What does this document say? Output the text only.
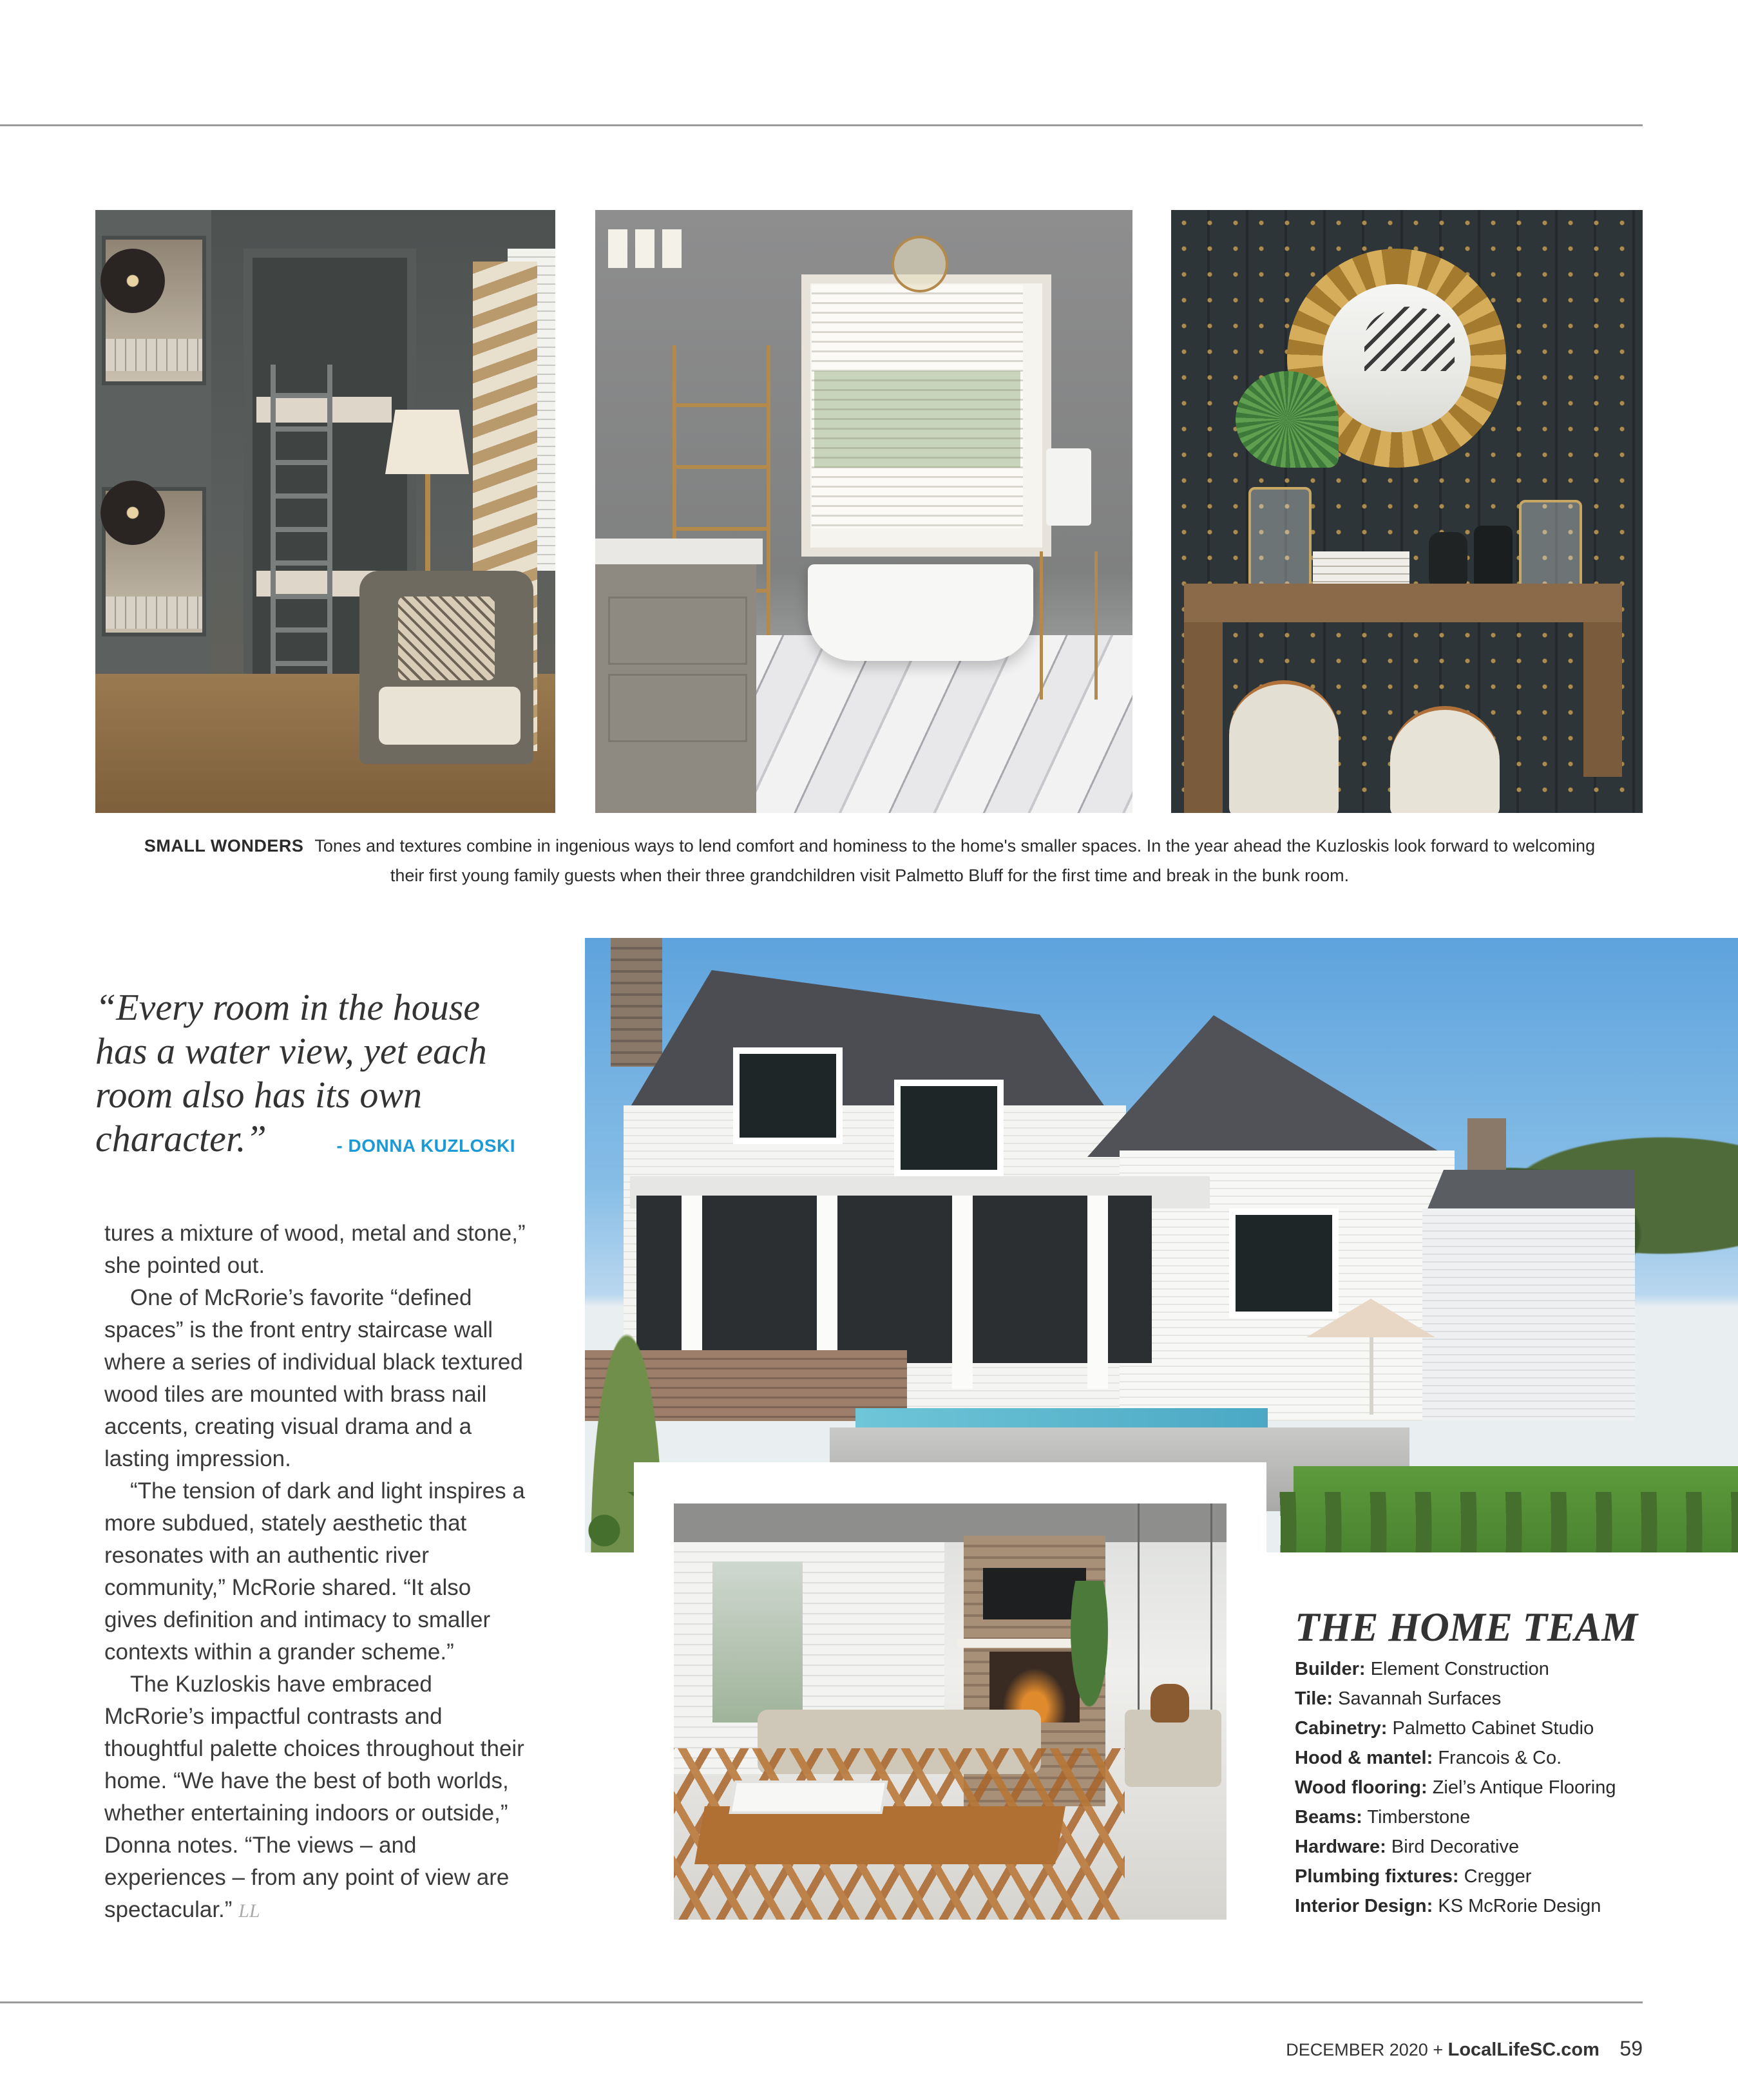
SMALL WONDERS Tones and textures combine in ingenious ways to lend comfort and hominess to the home's smaller spaces. In the year ahead the Kuzloskis look forward to welcoming their first young family guests when their three grandchildren visit Palmetto Bluff for the first time and break in the bunk room.
“Every room in the house has a water view, yet each room also has its own character.”	- DONNA KUZLOSKI

tures a mixture of wood, metal and stone,” she pointed out.

One of McRorie’s favorite “defined spaces” is the front entry staircase wall where a series of individual black textured wood tiles are mounted with brass nail accents, creating visual drama and a lasting impression.

“The tension of dark and light inspires a more subdued, stately aesthetic that resonates with an authentic river community,” McRorie shared. “It also gives definition and intimacy to smaller contexts within a grander scheme.”

The Kuzloskis have embraced McRorie’s impactful contrasts and thoughtful palette choices throughout their home. “We have the best of both worlds, whether entertaining indoors or outside,” Donna notes. “The views – and experiences – from any point of view are spectacular.” LL

THE HOME TEAM
Builder: Element Construction
Tile: Savannah Surfaces
Cabinetry: Palmetto Cabinet Studio
Hood & mantel: Francois & Co.
Wood flooring: Ziel’s Antique Flooring
Beams: Timberstone
Hardware: Bird Decorative
Plumbing fixtures: Cregger
Interior Design: KS McRorie Design
DECEMBER 2020 + LocalLifeSC.com 59
